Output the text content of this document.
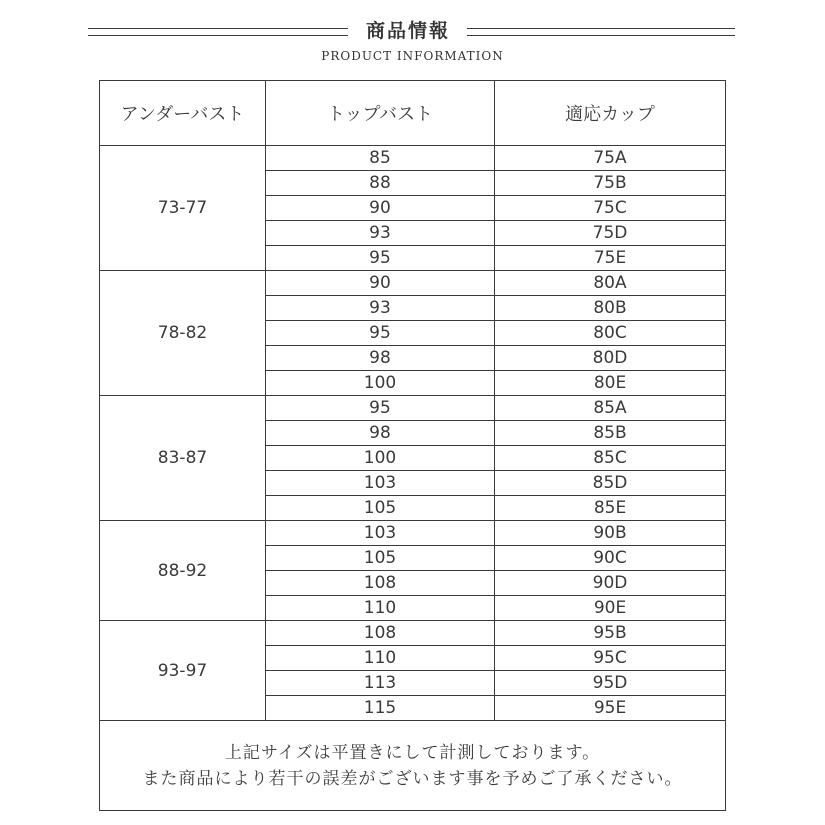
商品情報
PRODUCT INFORMATION
アンダーバスト	トップバスト	適応カップ
73-77	85	75A
	88	75B
	90	75C
	93	75D
	95	75E
78-82	90	80A
	93	80B
	95	80C
	98	80D
	100	80E
83-87	95	85A
	98	85B
	100	85C
	103	85D
	105	85E
88-92	103	90B
	105	90C
	108	90D
	110	90E
93-97	108	95B
	110	95C
	113	95D
	115	95E

上記サイズは平置きにして計測しております。
また商品により若干の誤差がございます事を予めご了承ください。		
